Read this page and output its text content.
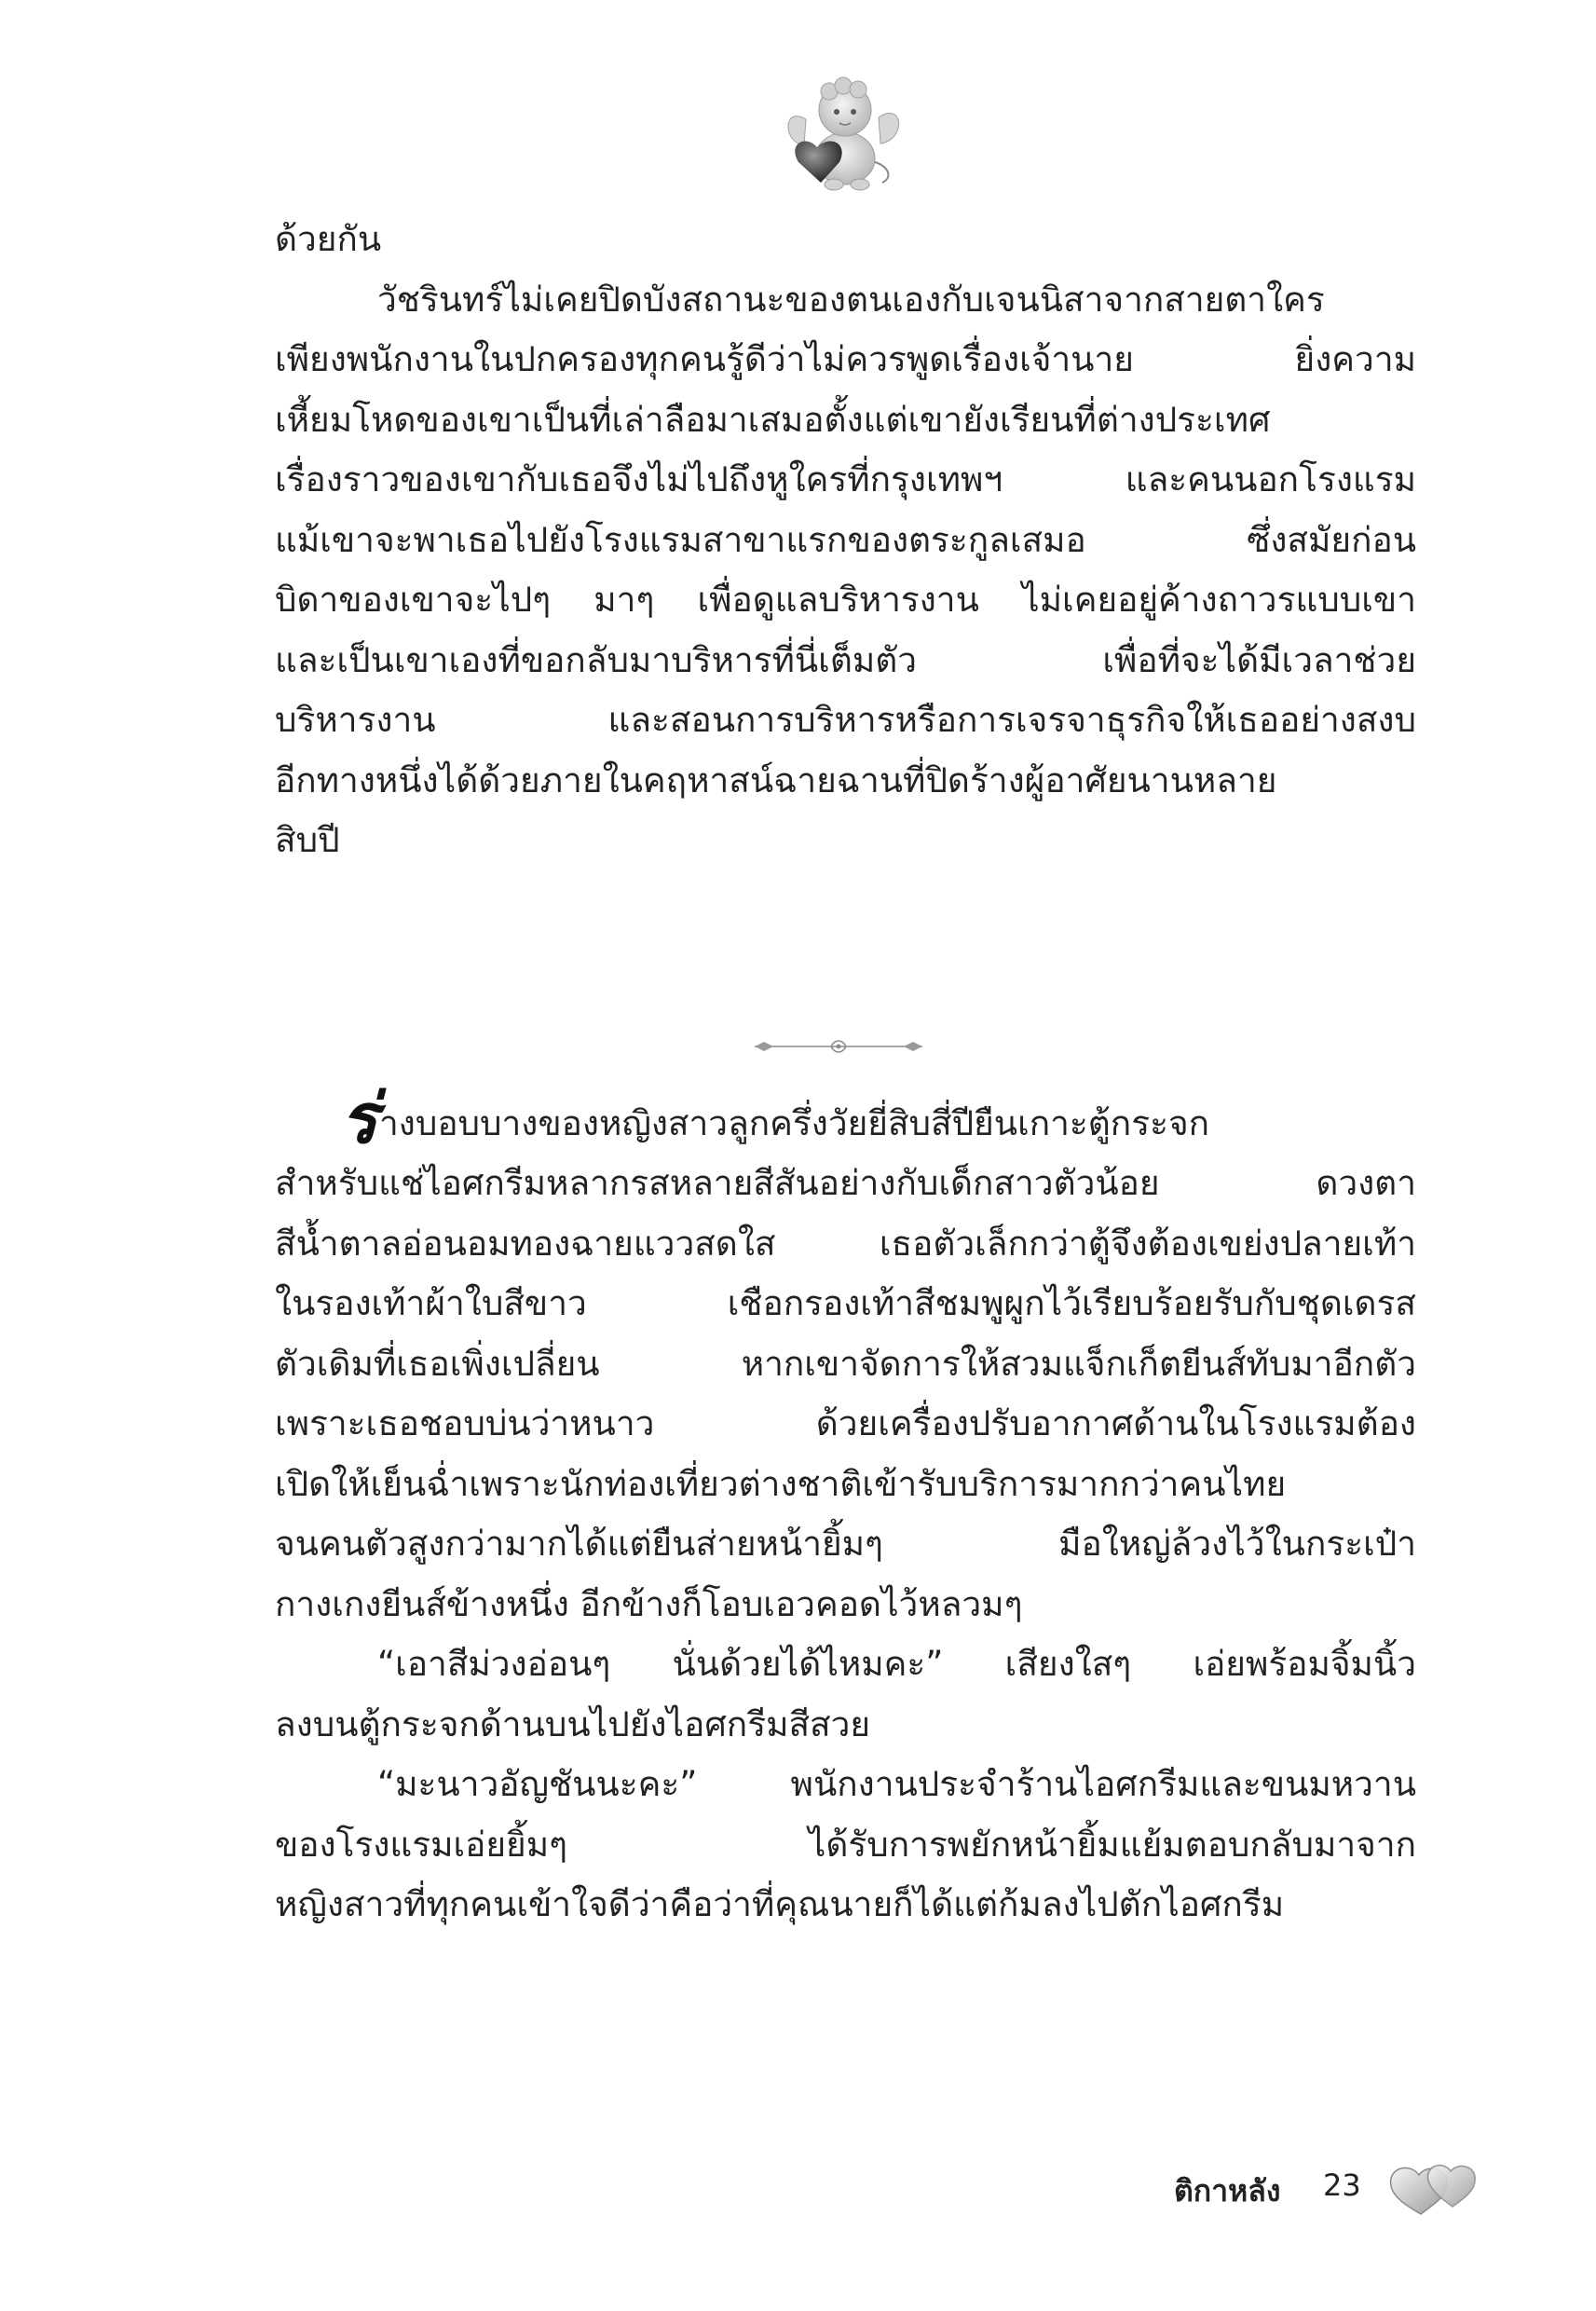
ด้วยกัน
วัชรินทร์ไม่เคยปิดบังสถานะของตนเองกับเจนนิสาจากสายตาใคร
เพียงพนักงานในปกครองทุกคนรู้ดีว่าไม่ควรพูดเรื่องเจ้านาย ยิ่งความ
เหี้ยมโหดของเขาเป็นที่เล่าลือมาเสมอตั้งแต่เขายังเรียนที่ต่างประเทศ
เรื่องราวของเขากับเธอจึงไม่ไปถึงหูใครที่กรุงเทพฯ และคนนอกโรงแรม
แม้เขาจะพาเธอไปยังโรงแรมสาขาแรกของตระกูลเสมอ ซึ่งสมัยก่อน
บิดาของเขาจะไปๆ มาๆ เพื่อดูแลบริหารงาน ไม่เคยอยู่ค้างถาวรแบบเขา
และเป็นเขาเองที่ขอกลับมาบริหารที่นี่เต็มตัว เพื่อที่จะได้มีเวลาช่วย
บริหารงาน และสอนการบริหารหรือการเจรจาธุรกิจให้เธออย่างสงบ
อีกทางหนึ่งได้ด้วยภายในคฤหาสน์ฉายฉานที่ปิดร้างผู้อาศัยนานหลาย
สิบปี
ร่ างบอบบางของหญิงสาวลูกครึ่งวัยยี่สิบสี่ปียืนเกาะตู้กระจก
สำหรับแช่ไอศกรีมหลากรสหลายสีสันอย่างกับเด็กสาวตัวน้อย ดวงตา
สีน้ำตาลอ่อนอมทองฉายแววสดใส เธอตัวเล็กกว่าตู้จึงต้องเขย่งปลายเท้า
ในรองเท้าผ้าใบสีขาว เชือกรองเท้าสีชมพูผูกไว้เรียบร้อยรับกับชุดเดรส
ตัวเดิมที่เธอเพิ่งเปลี่ยน หากเขาจัดการให้สวมแจ็กเก็ตยีนส์ทับมาอีกตัว
เพราะเธอชอบบ่นว่าหนาว ด้วยเครื่องปรับอากาศด้านในโรงแรมต้อง
เปิดให้เย็นฉ่ำเพราะนักท่องเที่ยวต่างชาติเข้ารับบริการมากกว่าคนไทย
จนคนตัวสูงกว่ามากได้แต่ยืนส่ายหน้ายิ้มๆ มือใหญ่ล้วงไว้ในกระเป๋า
กางเกงยีนส์ข้างหนึ่ง อีกข้างก็โอบเอวคอดไว้หลวมๆ
“เอาสีม่วงอ่อนๆ นั่นด้วยได้ไหมคะ” เสียงใสๆ เอ่ยพร้อมจิ้มนิ้ว
ลงบนตู้กระจกด้านบนไปยังไอศกรีมสีสวย
“มะนาวอัญชันนะคะ” พนักงานประจำร้านไอศกรีมและขนมหวาน
ของโรงแรมเอ่ยยิ้มๆ ได้รับการพยักหน้ายิ้มแย้มตอบกลับมาจาก
หญิงสาวที่ทุกคนเข้าใจดีว่าคือว่าที่คุณนายก็ได้แต่ก้มลงไปตักไอศกรีม
ติกาหลัง 23
